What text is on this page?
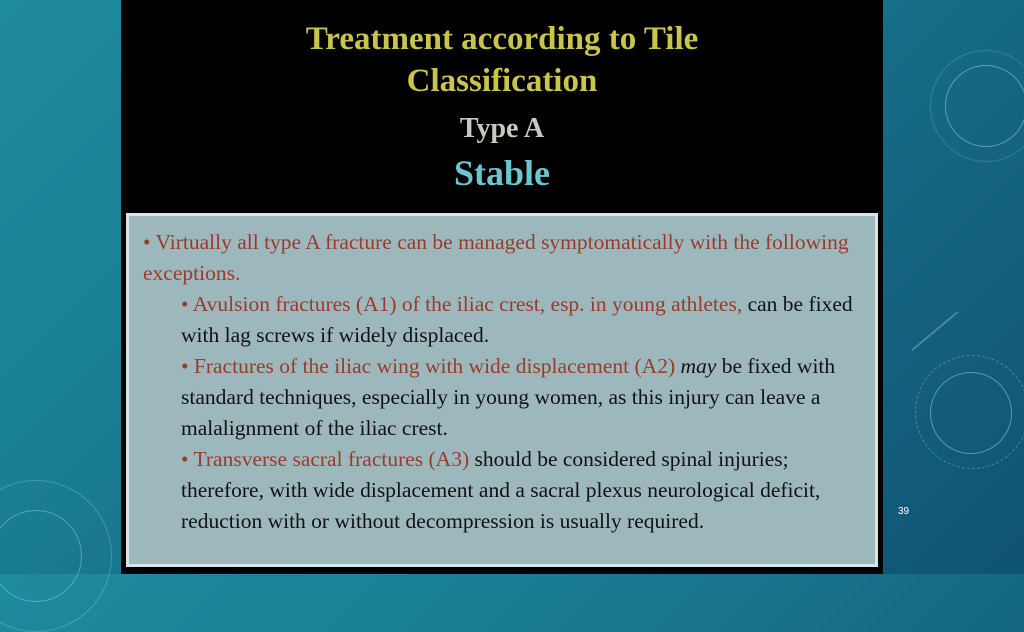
Treatment according to Tile
Classification
Type A
Stable

• Virtually all type A fracture can be managed symptomatically with the following exceptions.

• Avulsion fractures (A1) of the iliac crest, esp. in young athletes, can be fixed with lag screws if widely displaced.

• Fractures of the iliac wing with wide displacement (A2) may be fixed with standard techniques, especially in young women, as this injury can leave a malalignment of the iliac crest.

• Transverse sacral fractures (A3) should be considered spinal injuries; therefore, with wide displacement and a sacral plexus neurological deficit, reduction with or without decompression is usually required.	39
